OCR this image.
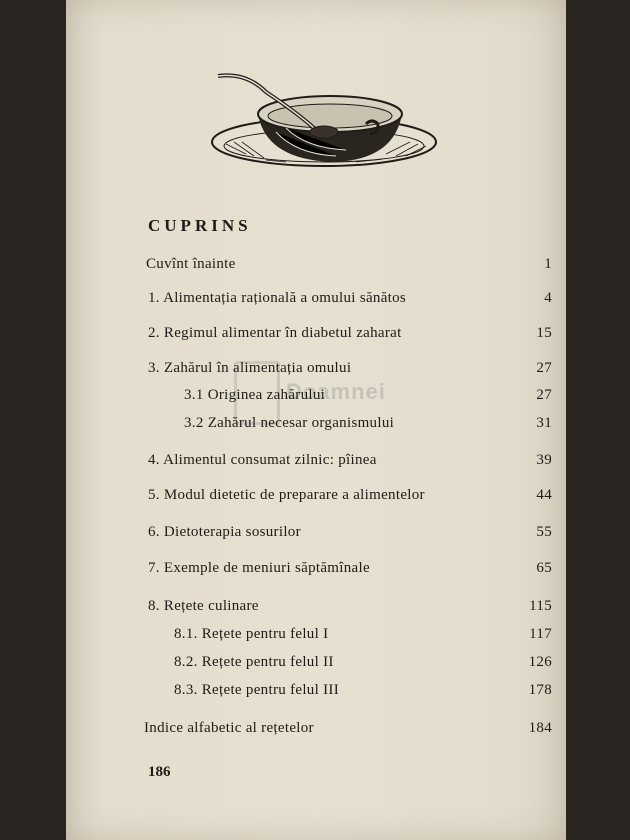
CUPRINS
Doamnei
Cuvînt înainte	1
1. Alimentația rațională a omului sănătos	4
2. Regimul alimentar în diabetul zaharat	15
3. Zahărul în alimentația omului	27
3.1 Originea zahărului	27
3.2 Zahărul necesar organismului	31
4. Alimentul consumat zilnic: pîinea	39
5. Modul dietetic de preparare a alimentelor	44
6. Dietoterapia sosurilor	55
7. Exemple de meniuri săptămînale	65
8. Rețete culinare	115
8.1. Rețete pentru felul I	117
8.2. Rețete pentru felul II	126
8.3. Rețete pentru felul III	178
Indice alfabetic al rețetelor	184
186
